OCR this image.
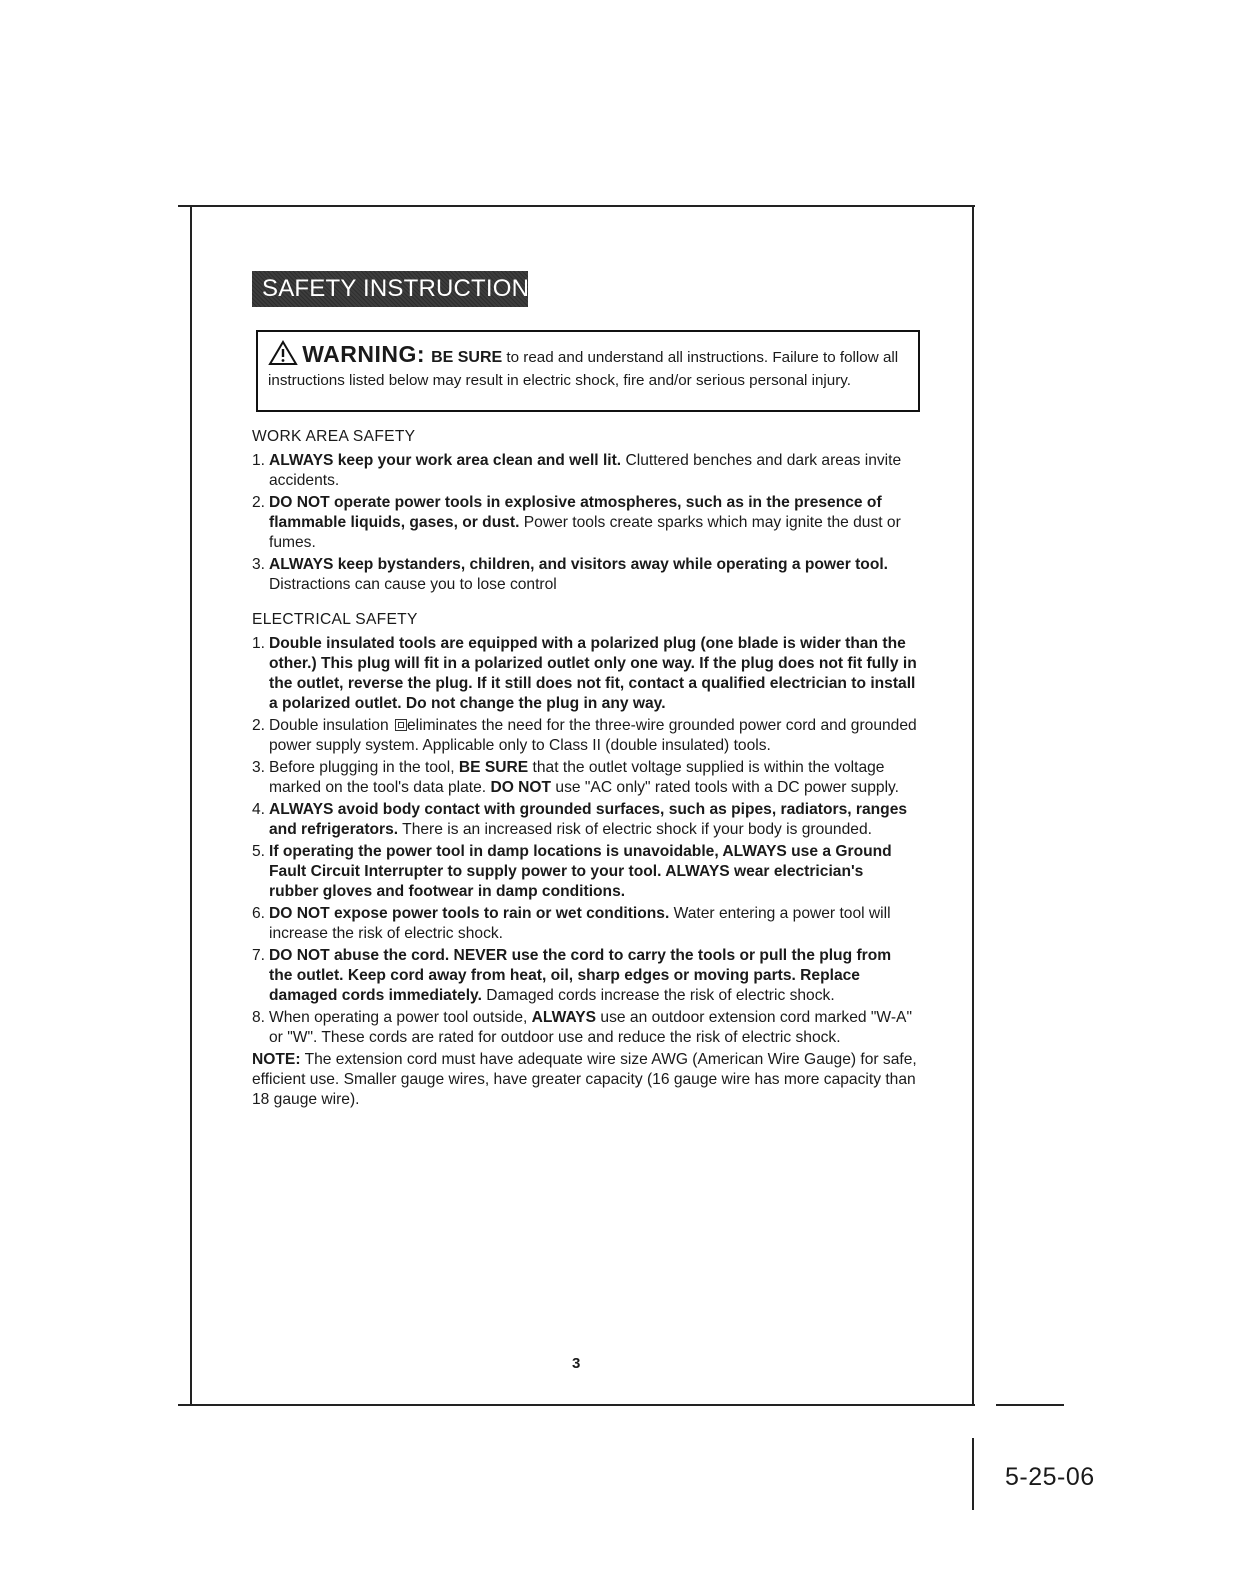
SAFETY INSTRUCTIONS
WARNING: BE SURE to read and understand all instructions. Failure to follow all instructions listed below may result in electric shock, fire and/or serious personal injury.
WORK AREA SAFETY
1. ALWAYS keep your work area clean and well lit. Cluttered benches and dark areas invite accidents.
2. DO NOT operate power tools in explosive atmospheres, such as in the presence of flammable liquids, gases, or dust. Power tools create sparks which may ignite the dust or fumes.
3. ALWAYS keep bystanders, children, and visitors away while operating a power tool. Distractions can cause you to lose control
ELECTRICAL SAFETY
1. Double insulated tools are equipped with a polarized plug (one blade is wider than the other.) This plug will fit in a polarized outlet only one way. If the plug does not fit fully in the outlet, reverse the plug. If it still does not fit, contact a qualified electrician to install a polarized outlet. Do not change the plug in any way.
2. Double insulation eliminates the need for the three-wire grounded power cord and grounded power supply system. Applicable only to Class II (double insulated) tools.
3. Before plugging in the tool, BE SURE that the outlet voltage supplied is within the voltage marked on the tool's data plate. DO NOT use "AC only" rated tools with a DC power supply.
4. ALWAYS avoid body contact with grounded surfaces, such as pipes, radiators, ranges and refrigerators. There is an increased risk of electric shock if your body is grounded.
5. If operating the power tool in damp locations is unavoidable, ALWAYS use a Ground Fault Circuit Interrupter to supply power to your tool. ALWAYS wear electrician's rubber gloves and footwear in damp conditions.
6. DO NOT expose power tools to rain or wet conditions. Water entering a power tool will increase the risk of electric shock.
7. DO NOT abuse the cord. NEVER use the cord to carry the tools or pull the plug from the outlet. Keep cord away from heat, oil, sharp edges or moving parts. Replace damaged cords immediately. Damaged cords increase the risk of electric shock.
8. When operating a power tool outside, ALWAYS use an outdoor extension cord marked "W-A" or "W". These cords are rated for outdoor use and reduce the risk of electric shock.
NOTE: The extension cord must have adequate wire size AWG (American Wire Gauge) for safe, efficient use. Smaller gauge wires, have greater capacity (16 gauge wire has more capacity than 18 gauge wire).
3
5-25-06
